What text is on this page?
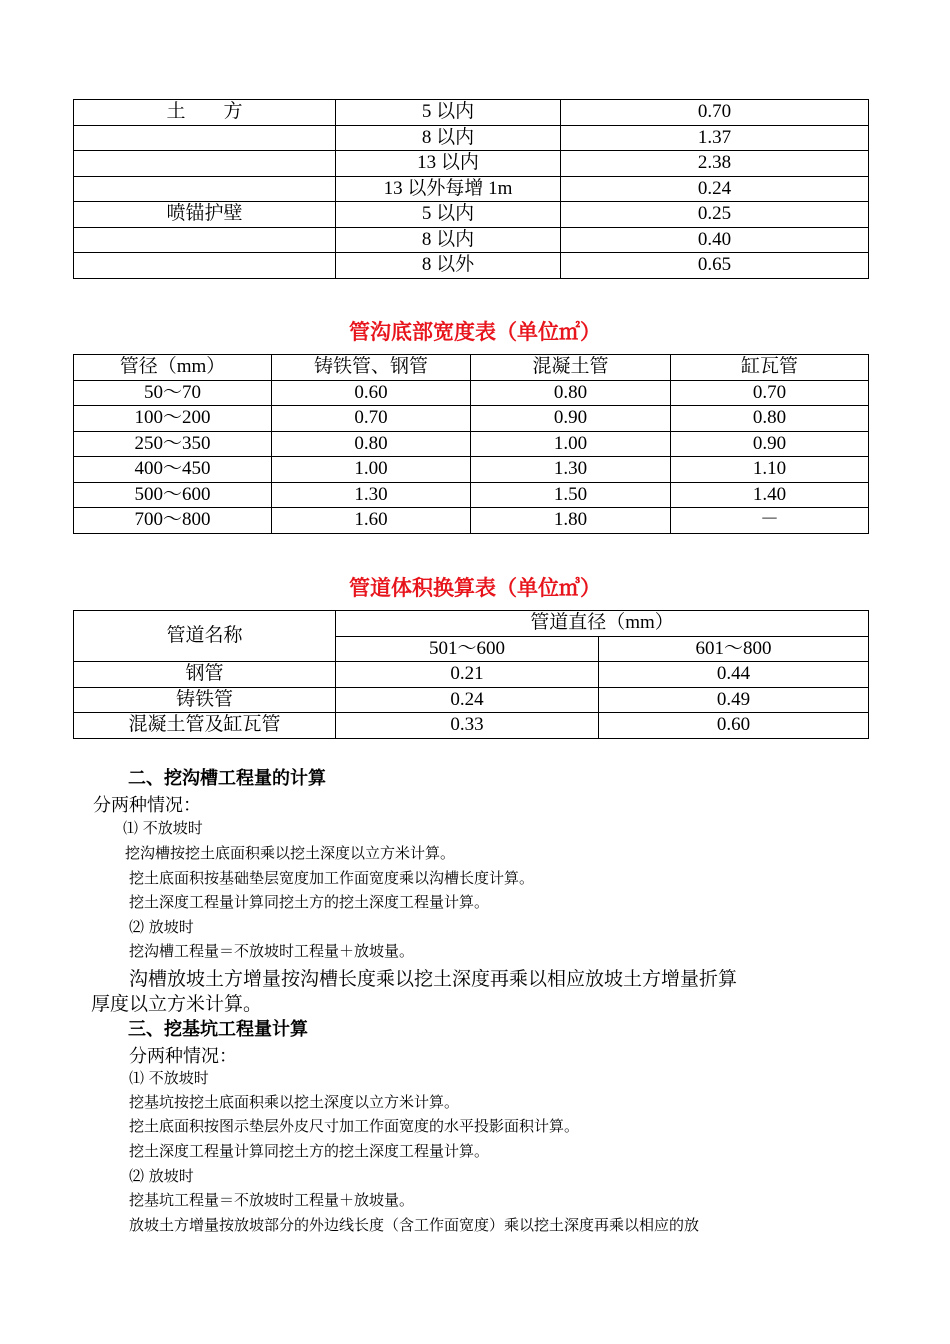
土　　方	5 以内	0.70
	8 以内	1.37
	13 以内	2.38
	13 以外每增 1m	0.24
喷锚护壁	5 以内	0.25
	8 以内	0.40
	8 以外	0.65
管沟底部宽度表（单位㎡）
管径（mm）	铸铁管、钢管	混凝土管	缸瓦管
50～70	0.60	0.80	0.70
100～200	0.70	0.90	0.80
250～350	0.80	1.00	0.90
400～450	1.00	1.30	1.10
500～600	1.30	1.50	1.40
700～800	1.60	1.80	－
管道体积换算表（单位㎥）
管道名称	管道直径（mm）	
	501～600	601～800
钢管	0.21	0.44
铸铁管	0.24	0.49
混凝土管及缸瓦管	0.33	0.60
二、挖沟槽工程量的计算
分两种情况：
⑴ 不放坡时
挖沟槽按挖土底面积乘以挖土深度以立方米计算。
挖土底面积按基础垫层宽度加工作面宽度乘以沟槽长度计算。
挖土深度工程量计算同挖土方的挖土深度工程量计算。
⑵ 放坡时
挖沟槽工程量＝不放坡时工程量＋放坡量。
沟槽放坡土方增量按沟槽长度乘以挖土深度再乘以相应放坡土方增量折算
厚度以立方米计算。
三、挖基坑工程量计算
分两种情况：
⑴ 不放坡时
挖基坑按挖土底面积乘以挖土深度以立方米计算。
挖土底面积按图示垫层外皮尺寸加工作面宽度的水平投影面积计算。
挖土深度工程量计算同挖土方的挖土深度工程量计算。
⑵ 放坡时
挖基坑工程量＝不放坡时工程量＋放坡量。
放坡土方增量按放坡部分的外边线长度（含工作面宽度）乘以挖土深度再乘以相应的放
